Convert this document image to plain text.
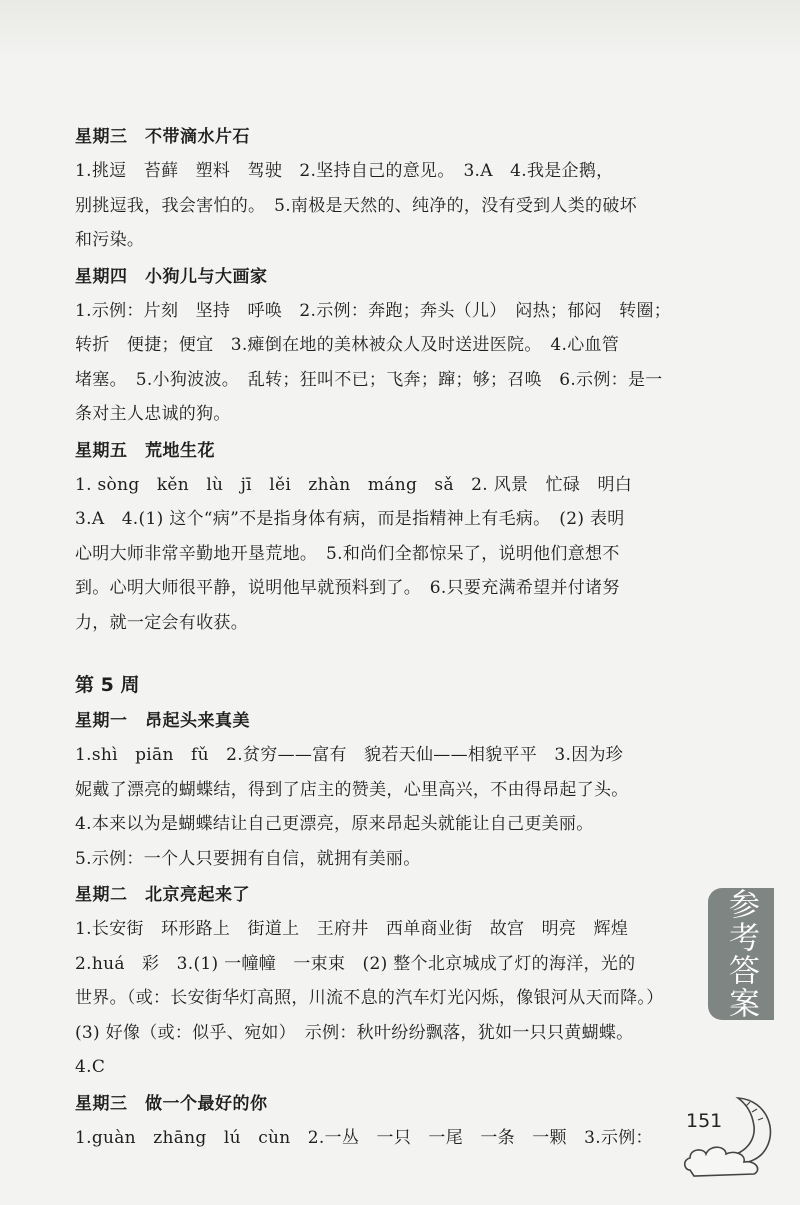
星期三　不带滴水片石
1.挑逗　苔藓　塑料　驾驶　2.坚持自己的意见。　3.A　4.我是企鹅，
别挑逗我，我会害怕的。　5.南极是天然的、纯净的，没有受到人类的破坏
和污染。
星期四　小狗儿与大画家
1.示例：片刻　坚持　呼唤　2.示例：奔跑；奔头（儿）　闷热；郁闷　转圈；
转折　便捷；便宜　3.瘫倒在地的美林被众人及时送进医院。　4.心血管
堵塞。　5.小狗波波。　乱转；狂叫不已；飞奔；蹿；够；召唤　6.示例：是一
条对主人忠诚的狗。
星期五　荒地生花
1. sòng　kěn　lù　jī　lěi　zhàn　máng　sǎ　2. 风景　忙碌　明白
3.A　4.(1) 这个“病”不是指身体有病，而是指精神上有毛病。　(2) 表明
心明大师非常辛勤地开垦荒地。　5.和尚们全都惊呆了，说明他们意想不
到。心明大师很平静，说明他早就预料到了。　6.只要充满希望并付诸努
力，就一定会有收获。
第 5 周
星期一　昂起头来真美
1.shì　piān　fǔ　2.贫穷——富有　貌若天仙——相貌平平　3.因为珍
妮戴了漂亮的蝴蝶结，得到了店主的赞美，心里高兴，不由得昂起了头。
4.本来以为是蝴蝶结让自己更漂亮，原来昂起头就能让自己更美丽。
5.示例：一个人只要拥有自信，就拥有美丽。
星期二　北京亮起来了
1.长安街　环形路上　街道上　王府井　西单商业街　故宫　明亮　辉煌
2.huá　彩　3.(1) 一幢幢　一束束　(2) 整个北京城成了灯的海洋，光的
世界。（或：长安街华灯高照，川流不息的汽车灯光闪烁，像银河从天而降。）
(3) 好像（或：似乎、宛如）　示例：秋叶纷纷飘落，犹如一只只黄蝴蝶。
4.C
星期三　做一个最好的你
1.guàn　zhāng　lú　cùn　2.一丛　一只　一尾　一条　一颗　3.示例：
参考答案
151
